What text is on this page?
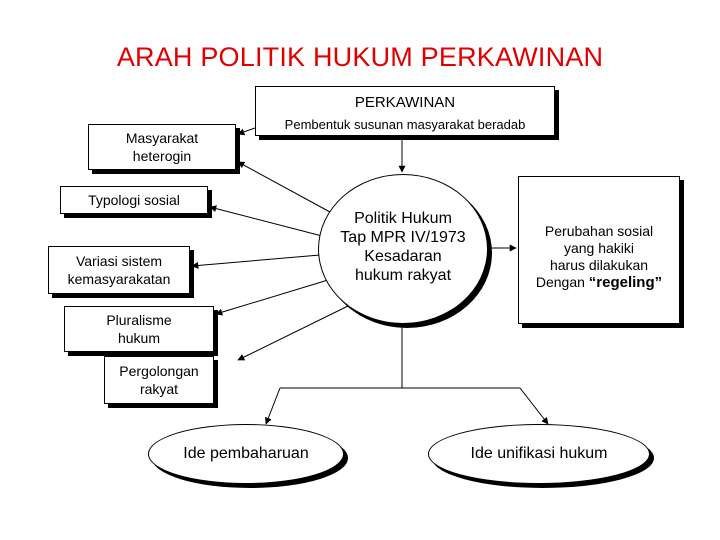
ARAH POLITIK HUKUM PERKAWINAN
PERKAWINAN
Pembentuk susunan masyarakat beradab
Masyarakat
heterogin
Typologi sosial
Variasi sistem
kemasyarakatan
Pluralisme
hukum
Pergolongan
rakyat
Politik Hukum
Tap MPR IV/1973
Kesadaran
hukum rakyat
Perubahan sosial
yang hakiki
harus dilakukan
Dengan “regeling”
Ide pembaharuan	Ide unifikasi hukum
